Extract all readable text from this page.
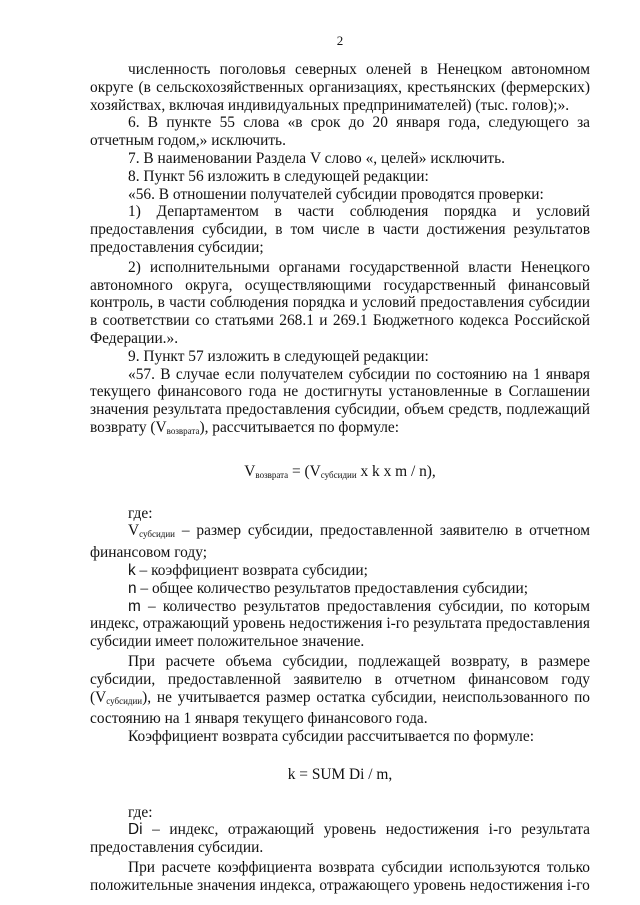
2

численность поголовья северных оленей в Ненецком автономном округе (в сельскохозяйственных организациях, крестьянских (фермерских) хозяйствах, включая индивидуальных предпринимателей) (тыс. голов);».

6. В пункте 55 слова «в срок до 20 января года, следующего за отчетным годом,» исключить.

7. В наименовании Раздела V слово «, целей» исключить.

8. Пункт 56 изложить в следующей редакции:

«56. В отношении получателей субсидии проводятся проверки:

1) Департаментом в части соблюдения порядка и условий предоставления субсидии, в том числе в части достижения результатов предоставления субсидии;

2) исполнительными органами государственной власти Ненецкого автономного округа, осуществляющими государственный финансовый контроль, в части соблюдения порядка и условий предоставления субсидии в соответствии со статьями 268.1 и 269.1 Бюджетного кодекса Российской Федерации.».

9. Пункт 57 изложить в следующей редакции:

«57. В случае если получателем субсидии по состоянию на 1 января текущего финансового года не достигнуты установленные в Соглашении значения результата предоставления субсидии, объем средств, подлежащий возврату $(V_{возврата})$, рассчитывается по формуле:

$V_{возврата} = (V_{субсидии}$ x k x m / n),

где:

$V_{субсидии}$ – размер субсидии, предоставленной заявителю в отчетном финансовом году;

k – коэффициент возврата субсидии;

n – общее количество результатов предоставления субсидии;

m – количество результатов предоставления субсидии, по которым индекс, отражающий уровень недостижения i-го результата предоставления субсидии имеет положительное значение.

При расчете объема субсидии, подлежащей возврату, в размере субсидии, предоставленной заявителю в отчетном финансовом году $(V_{субсидии})$, не учитывается размер остатка субсидии, неиспользованного по состоянию на 1 января текущего финансового года.

Коэффициент возврата субсидии рассчитывается по формуле:

k = SUM Di / m,

где:

Di – индекс, отражающий уровень недостижения i-го результата предоставления субсидии.

При расчете коэффициента возврата субсидии используются только положительные значения индекса, отражающего уровень недостижения i-го
